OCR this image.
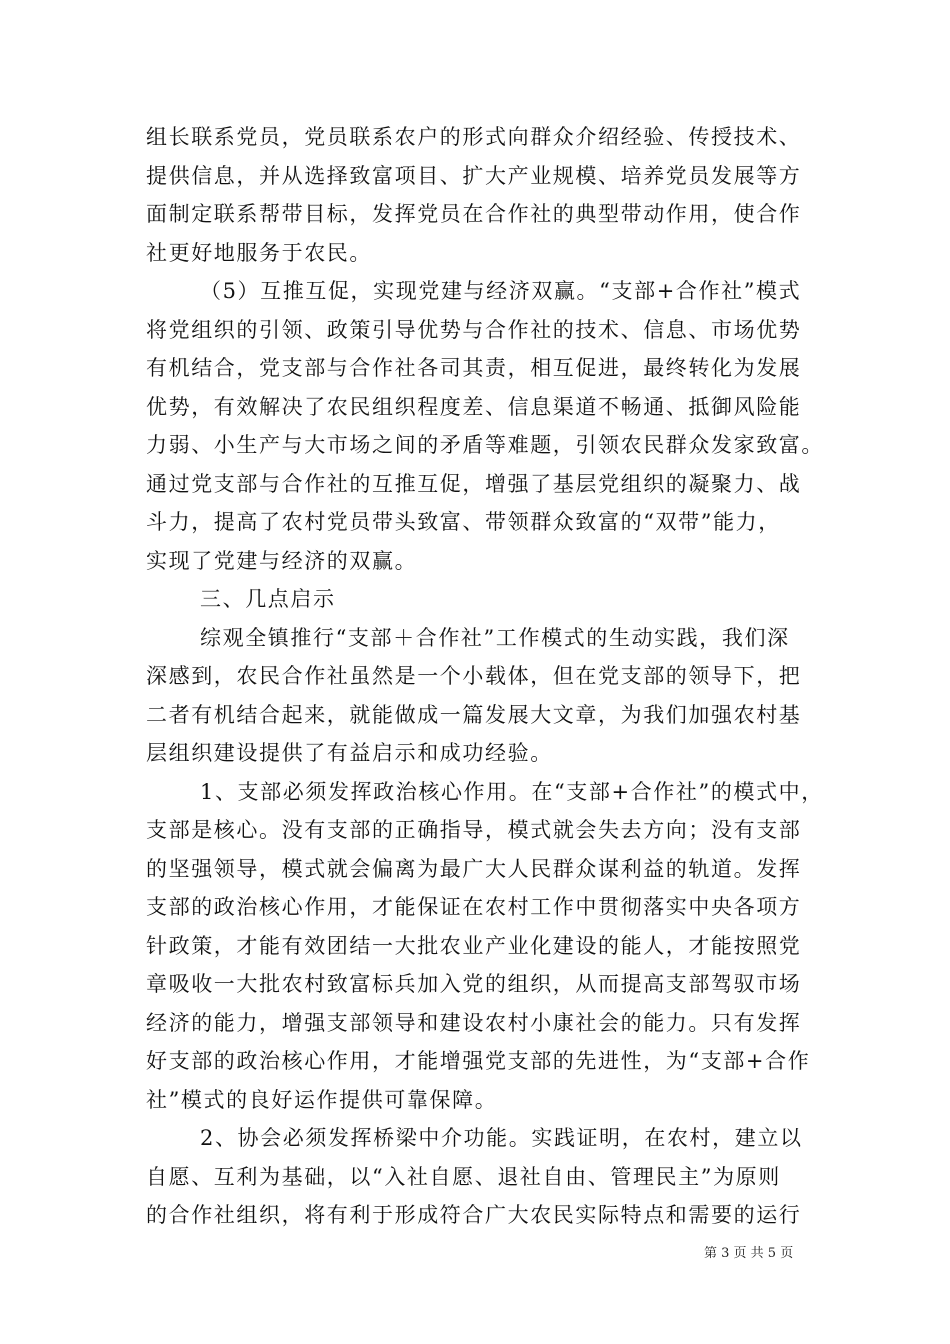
组长联系党员，党员联系农户的形式向群众介绍经验、传授技术、
提供信息，并从选择致富项目、扩大产业规模、培养党员发展等方
面制定联系帮带目标，发挥党员在合作社的典型带动作用，使合作
社更好地服务于农民。
（5）互推互促，实现党建与经济双赢。“支部+合作社”模式
将党组织的引领、政策引导优势与合作社的技术、信息、市场优势
有机结合，党支部与合作社各司其责，相互促进，最终转化为发展
优势，有效解决了农民组织程度差、信息渠道不畅通、抵御风险能
力弱、小生产与大市场之间的矛盾等难题，引领农民群众发家致富。
通过党支部与合作社的互推互促，增强了基层党组织的凝聚力、战
斗力，提高了农村党员带头致富、带领群众致富的“双带”能力，
实现了党建与经济的双赢。
三、几点启示
综观全镇推行“支部＋合作社”工作模式的生动实践，我们深
深感到，农民合作社虽然是一个小载体，但在党支部的领导下，把
二者有机结合起来，就能做成一篇发展大文章，为我们加强农村基
层组织建设提供了有益启示和成功经验。
1、支部必须发挥政治核心作用。在“支部+合作社”的模式中，
支部是核心。没有支部的正确指导，模式就会失去方向；没有支部
的坚强领导，模式就会偏离为最广大人民群众谋利益的轨道。发挥
支部的政治核心作用，才能保证在农村工作中贯彻落实中央各项方
针政策，才能有效团结一大批农业产业化建设的能人，才能按照党
章吸收一大批农村致富标兵加入党的组织，从而提高支部驾驭市场
经济的能力，增强支部领导和建设农村小康社会的能力。只有发挥
好支部的政治核心作用，才能增强党支部的先进性，为“支部+合作
社”模式的良好运作提供可靠保障。
2、协会必须发挥桥梁中介功能。实践证明，在农村，建立以
自愿、互利为基础，以“入社自愿、退社自由、管理民主”为原则
的合作社组织，将有利于形成符合广大农民实际特点和需要的运行
第 3 页 共 5 页
